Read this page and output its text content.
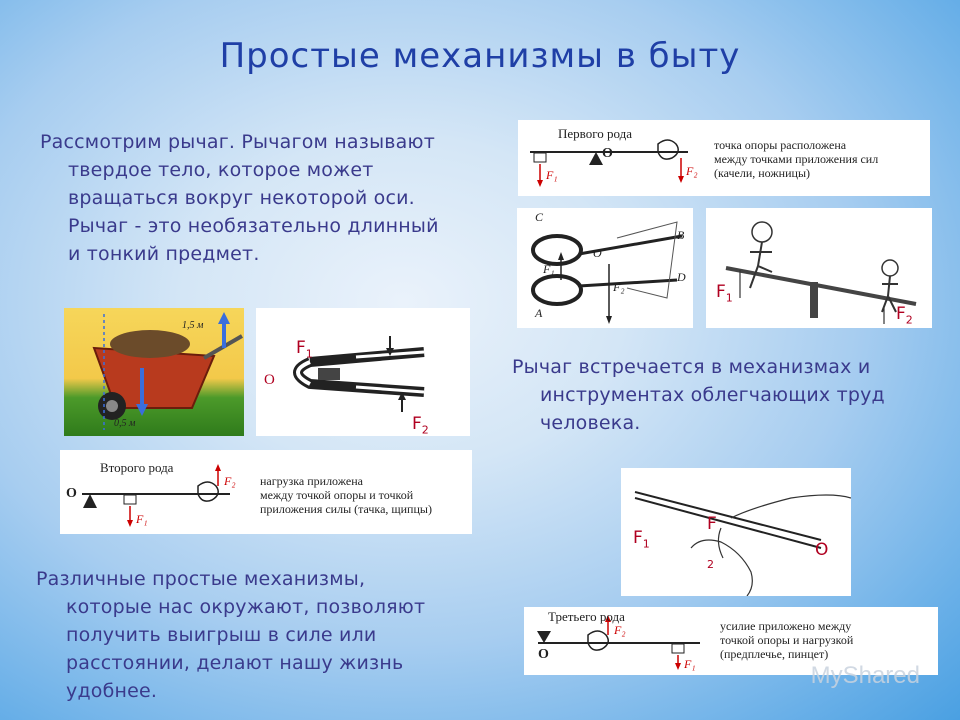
Простые механизмы в быту
Рассмотрим рычаг. Рычагом называют
твердое тело, которое может
вращаться вокруг некоторой оси.
Рычаг - это необязательно длинный
и тонкий предмет.
Рычаг встречается в механизмах и
инструментах облегчающих труд
человека.
Различные простые механизмы,
которые нас окружают, позволяют
получить выигрыш в силе или
расстоянии, делают нашу жизнь
удобнее.
Первого рода
O
F₁	F₂
точка опоры расположена
между точками приложения сил
(качели, ножницы)
C
O
B
D
A
F₁
F₂	$F_1$
$F_2$
1,5 м
0,5 м
$F_1$
O
$F_2$
Второго рода
O
F₁
F₂ нагрузка приложена
между точкой опоры и точкой
приложения силы (тачка, щипцы)
$F_1$
F
2
O
Третьего рода
O
F₂
F₁
усилие приложено между
точкой опоры и нагрузкой
(предплечье, пинцет)
MyShared
